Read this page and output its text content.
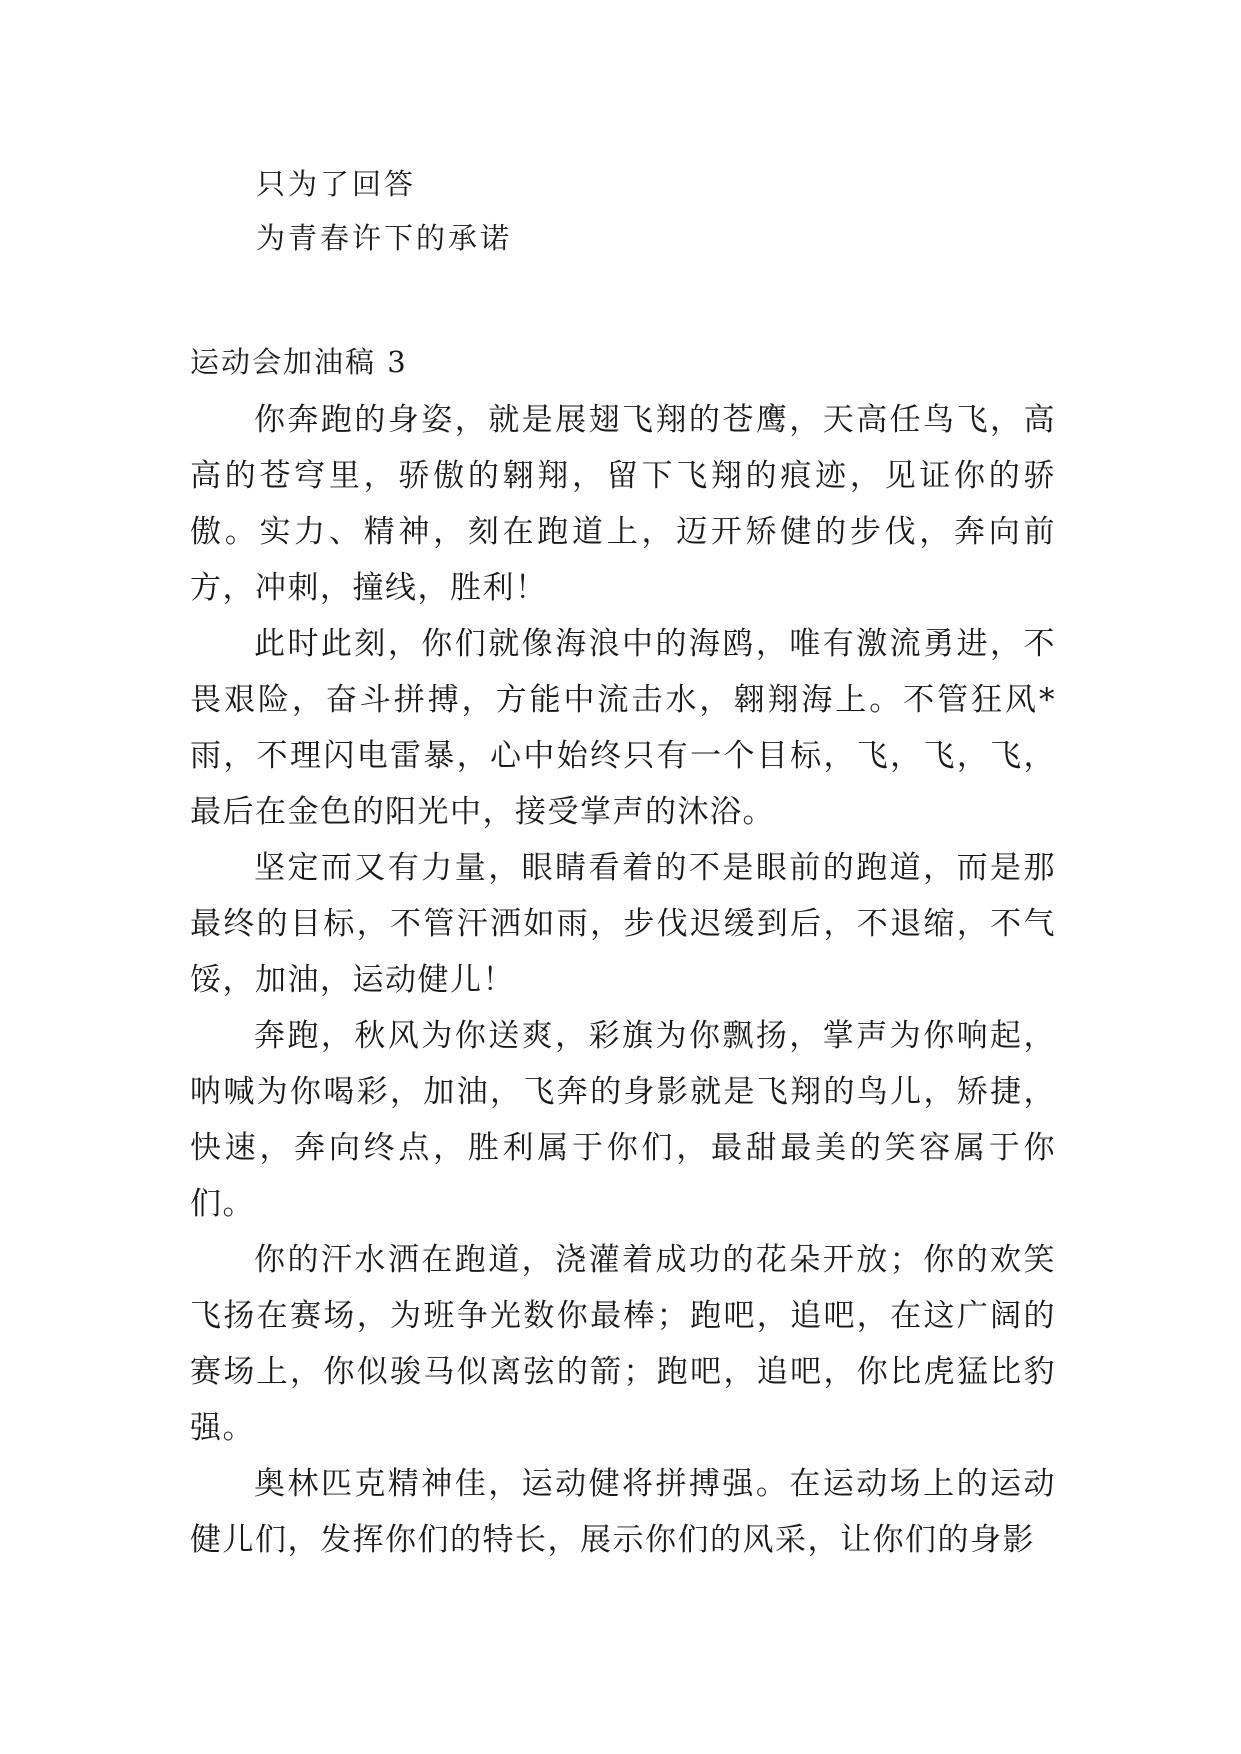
只为了回答
为青春许下的承诺
运动会加油稿 3

你奔跑的身姿，就是展翅飞翔的苍鹰，天高任鸟飞，高高的苍穹里，骄傲的翱翔，留下飞翔的痕迹，见证你的骄傲。实力、精神，刻在跑道上，迈开矫健的步伐，奔向前方，冲刺，撞线，胜利！

此时此刻，你们就像海浪中的海鸥，唯有激流勇进，不畏艰险，奋斗拼搏，方能中流击水，翱翔海上。不管狂风*雨，不理闪电雷暴，心中始终只有一个目标，飞，飞，飞，最后在金色的阳光中，接受掌声的沐浴。

坚定而又有力量，眼睛看着的不是眼前的跑道，而是那最终的目标，不管汗洒如雨，步伐迟缓到后，不退缩，不气馁，加油，运动健儿！

奔跑，秋风为你送爽，彩旗为你飘扬，掌声为你响起，呐喊为你喝彩，加油，飞奔的身影就是飞翔的鸟儿，矫捷，快速，奔向终点，胜利属于你们，最甜最美的笑容属于你们。

你的汗水洒在跑道，浇灌着成功的花朵开放；你的欢笑飞扬在赛场，为班争光数你最棒；跑吧，追吧，在这广阔的赛场上，你似骏马似离弦的箭；跑吧，追吧，你比虎猛比豹强。

奥林匹克精神佳，运动健将拼搏强。在运动场上的运动健儿们，发挥你们的特长，展示你们的风采，让你们的身影
